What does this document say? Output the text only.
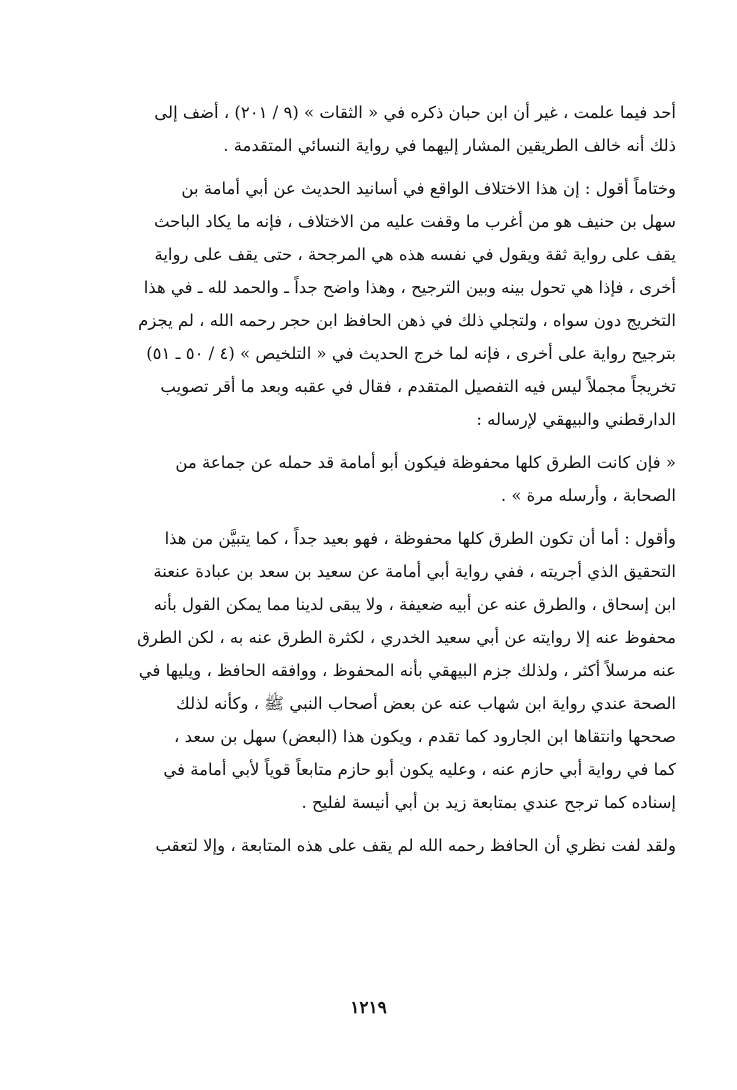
أحد فيما علمت ، غير أن ابن حبان ذكره في « الثقات » (٩ / ٢٠١) ، أضف إلى
ذلك أنه خالف الطريقين المشار إليهما في رواية النسائي المتقدمة .

وختاماً أقول : إن هذا الاختلاف الواقع في أسانيد الحديث عن أبي أمامة بن
سهل بن حنيف هو من أغرب ما وقفت عليه من الاختلاف ، فإنه ما يكاد الباحث
يقف على رواية ثقة ويقول في نفسه هذه هي المرجحة ، حتى يقف على رواية
أخرى ، فإذا هي تحول بينه وبين الترجيح ، وهذا واضح جداً ـ والحمد لله ـ في هذا
التخريج دون سواه ، ولتجلي ذلك في ذهن الحافظ ابن حجر رحمه الله ، لم يجزم
بترجيح رواية على أخرى ، فإنه لما خرج الحديث في « التلخيص » (٤ / ٥٠ ـ ٥١)
تخريجاً مجملاً ليس فيه التفصيل المتقدم ، فقال في عقبه وبعد ما أقر تصويب
الدارقطني والبيهقي لإرساله :

« فإن كانت الطرق كلها محفوظة فيكون أبو أمامة قد حمله عن جماعة من
الصحابة ، وأرسله مرة » .

وأقول : أما أن تكون الطرق كلها محفوظة ، فهو بعيد جداً ، كما يتبيَّن من هذا
التحقيق الذي أجريته ، ففي رواية أبي أمامة عن سعيد بن سعد بن عبادة عنعنة
ابن إسحاق ، والطرق عنه عن أبيه ضعيفة ، ولا يبقى لدينا مما يمكن القول بأنه
محفوظ عنه إلا روايته عن أبي سعيد الخدري ، لكثرة الطرق عنه به ، لكن الطرق
عنه مرسلاً أكثر ، ولذلك جزم البيهقي بأنه المحفوظ ، ووافقه الحافظ ، ويليها في
الصحة عندي رواية ابن شهاب عنه عن بعض أصحاب النبي ﷺ ، وكأنه لذلك
صححها وانتقاها ابن الجارود كما تقدم ، ويكون هذا (البعض) سهل بن سعد ،
كما في رواية أبي حازم عنه ، وعليه يكون أبو حازم متابعاً قوياً لأبي أمامة في
إسناده كما ترجح عندي بمتابعة زيد بن أبي أنيسة لفليح .

ولقد لفت نظري أن الحافظ رحمه الله لم يقف على هذه المتابعة ، وإلا لتعقب

١٢١٩
